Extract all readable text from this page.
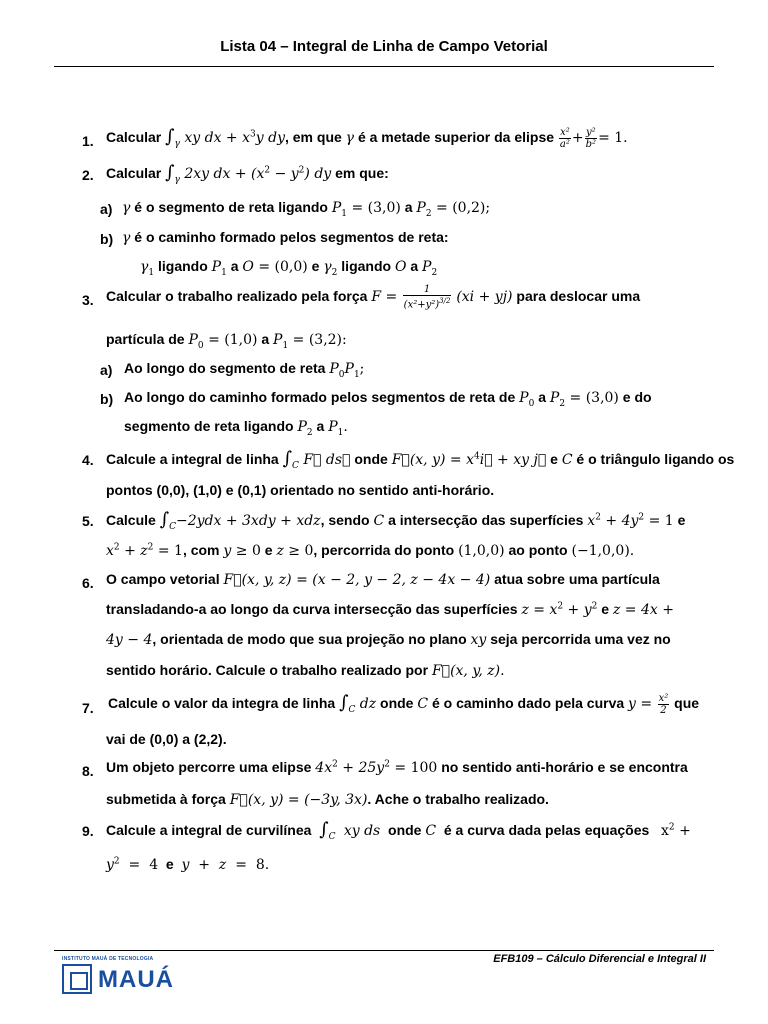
Lista 04 – Integral de Linha de Campo Vetorial
1. Calcular $\int_\gamma$ xy dx + $x^3y$ dy, em que γ é a metade superior da elipse $\frac{\text{x²}}{\text{a²}} + \frac{\text{y²}}{\text{b²}} = 1$.
2. Calcular $\int_\gamma$ 2xy dx + $(x^2 - y^2)$ dy em que:
a) γ é o segmento de reta ligando $P_1 = (3,0)$ a $P_2 = (0,2)$;
b) γ é o caminho formado pelos segmentos de reta:
$\gamma_1$ ligando $P_1$ a O = (0,0) e $\gamma_2$ ligando O a $P_2$
3. Calcular o trabalho realizado pela força $F = \frac{1}{(x^2+y^2)^{3/2}} (xi + yj)$ para deslocar uma
partícula de $P_0 = (1,0)$ a $P_1 = (3,2)$:
a) Ao longo do segmento de reta $P_0P_1$;
b) Ao longo do caminho formado pelos segmentos de reta de $P_0$ a $P_2 = (3,0)$ e do
segmento de reta ligando $P_2$ a $P_1$.
4. Calcule a integral de linha $\int_C$ F⃗ ds⃗ onde F⃗(x, $y) = x^4i⃗$ + xy j⃗ e C é o triângulo ligando os
pontos (0,0), (1,0) e (0,1) orientado no sentido anti-horário.
5. Calcule $\int_C-2ydx + 3xdy$ + xdz, sendo C a intersecção das superfícies $x^2 + 4y^2 = 1$ e
$x^2 + z^2 = 1$, com y ≥ 0 e z ≥ 0, percorrida do ponto (1,0,0) ao ponto (−1,0,0).
6. O campo vetorial F⃗(x, y, z) = (x − 2, y − 2, z − 4x − 4) atua sobre uma partícula
transladando-a ao longo da curva intersecção das superfícies $z = x^2 + y^2$ e z = 4x +
4y − 4, orientada de modo que sua projeção no plano xy seja percorrida uma vez no
sentido horário. Calcule o trabalho realizado por F⃗(x, y, z).
7.	Calcule o valor da integra de linha $\int_C$ dz onde C é o caminho dado pela curva $y = \frac{\text{x²}}{2}$ que
vai de (0,0) a (2,2).
8. Um objeto percorre uma elipse $4x^2 + 25y^2 = 100$ no sentido anti-horário e se encontra
submetida à força F⃗(x, y) = (−3y, 3x). Ache o trabalho realizado.
9. Calcule a integral de curvilínea $\int_C$  xy ds onde C é a curva dada pelas equações $x^2$ +
$y^2 = 4$ e y  +  z  =  8.
INSTITUTO MAUÁ DE TECNOLOGIA
MAUÁ
EFB109 – Cálculo Diferencial e Integral II
